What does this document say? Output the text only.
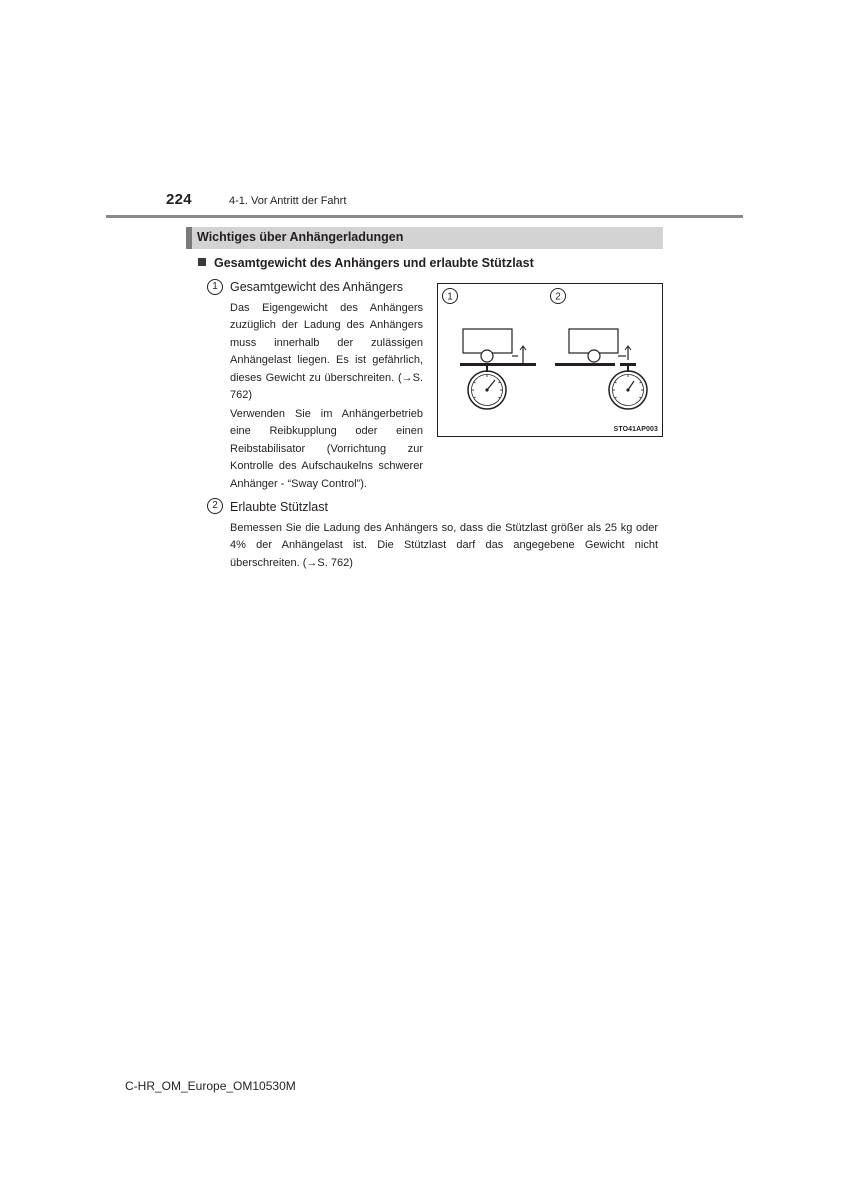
224	4-1. Vor Antritt der Fahrt
Wichtiges über Anhängerladungen
Gesamtgewicht des Anhängers und erlaubte Stützlast
1 Gesamtgewicht des Anhängers
Das Eigengewicht des Anhängers zuzüglich der Ladung des Anhängers muss innerhalb der zulässigen Anhängelast liegen. Es ist gefährlich, dieses Gewicht zu überschreiten. (→S. 762)
Verwenden Sie im Anhängerbetrieb eine Reibkupplung oder einen Reibstabilisator (Vorrichtung zur Kontrolle des Aufschaukelns schwerer Anhänger - “Sway Control”).
1	2
STO41AP003
2 Erlaubte Stützlast
Bemessen Sie die Ladung des Anhängers so, dass die Stützlast größer als 25 kg oder 4% der Anhängelast ist. Die Stützlast darf das angegebene Gewicht nicht überschreiten. (→S. 762)
C-HR_OM_Europe_OM10530M
